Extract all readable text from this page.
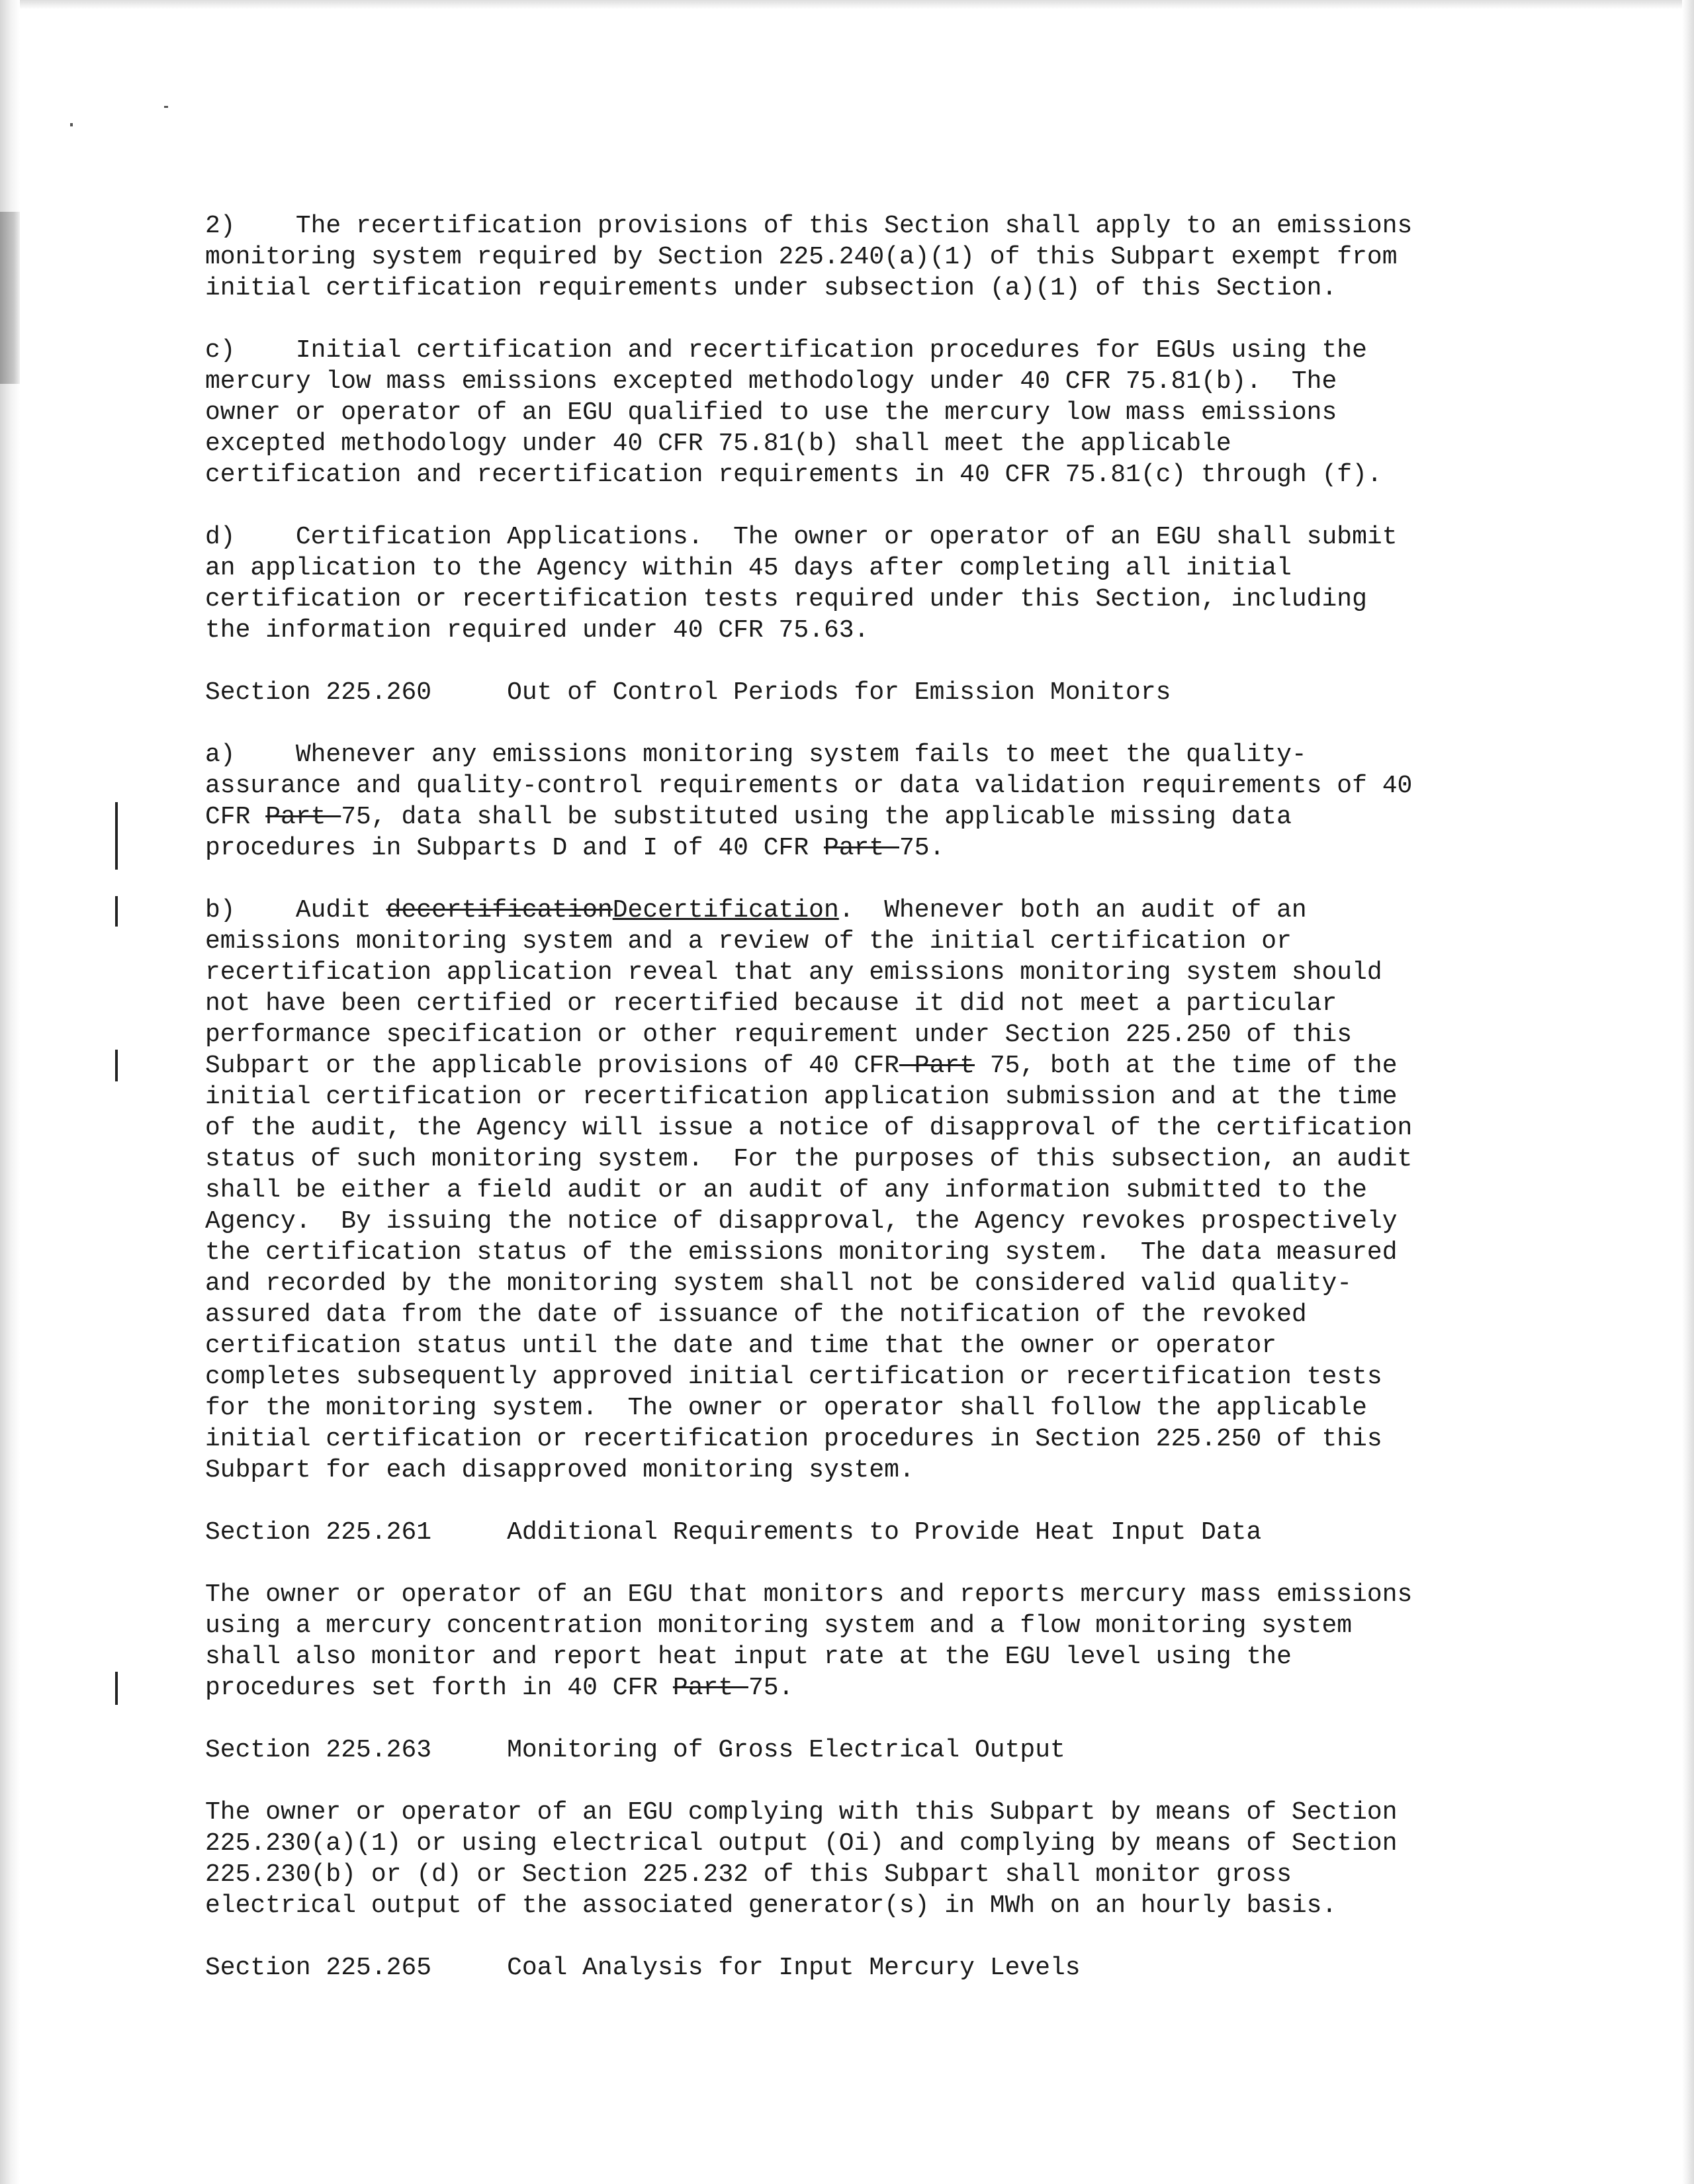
2)    The recertification provisions of this Section shall apply to an emissions
monitoring system required by Section 225.240(a)(1) of this Subpart exempt from
initial certification requirements under subsection (a)(1) of this Section.
c)    Initial certification and recertification procedures for EGUs using the
mercury low mass emissions excepted methodology under 40 CFR 75.81(b).  The
owner or operator of an EGU qualified to use the mercury low mass emissions
excepted methodology under 40 CFR 75.81(b) shall meet the applicable
certification and recertification requirements in 40 CFR 75.81(c) through (f).
d)    Certification Applications.  The owner or operator of an EGU shall submit
an application to the Agency within 45 days after completing all initial
certification or recertification tests required under this Section, including
the information required under 40 CFR 75.63.
Section 225.260     Out of Control Periods for Emission Monitors
a)    Whenever any emissions monitoring system fails to meet the quality-
assurance and quality-control requirements or data validation requirements of 40
CFR Part 75, data shall be substituted using the applicable missing data
procedures in Subparts D and I of 40 CFR Part 75.
b)    Audit decertificationDecertification.  Whenever both an audit of an
emissions monitoring system and a review of the initial certification or
recertification application reveal that any emissions monitoring system should
not have been certified or recertified because it did not meet a particular
performance specification or other requirement under Section 225.250 of this
Subpart or the applicable provisions of 40 CFR Part 75, both at the time of the
initial certification or recertification application submission and at the time
of the audit, the Agency will issue a notice of disapproval of the certification
status of such monitoring system.  For the purposes of this subsection, an audit
shall be either a field audit or an audit of any information submitted to the
Agency.  By issuing the notice of disapproval, the Agency revokes prospectively
the certification status of the emissions monitoring system.  The data measured
and recorded by the monitoring system shall not be considered valid quality-
assured data from the date of issuance of the notification of the revoked
certification status until the date and time that the owner or operator
completes subsequently approved initial certification or recertification tests
for the monitoring system.  The owner or operator shall follow the applicable
initial certification or recertification procedures in Section 225.250 of this
Subpart for each disapproved monitoring system.
Section 225.261     Additional Requirements to Provide Heat Input Data
The owner or operator of an EGU that monitors and reports mercury mass emissions
using a mercury concentration monitoring system and a flow monitoring system
shall also monitor and report heat input rate at the EGU level using the
procedures set forth in 40 CFR Part 75.
Section 225.263     Monitoring of Gross Electrical Output
The owner or operator of an EGU complying with this Subpart by means of Section
225.230(a)(1) or using electrical output (Oi) and complying by means of Section
225.230(b) or (d) or Section 225.232 of this Subpart shall monitor gross
electrical output of the associated generator(s) in MWh on an hourly basis.
Section 225.265     Coal Analysis for Input Mercury Levels
